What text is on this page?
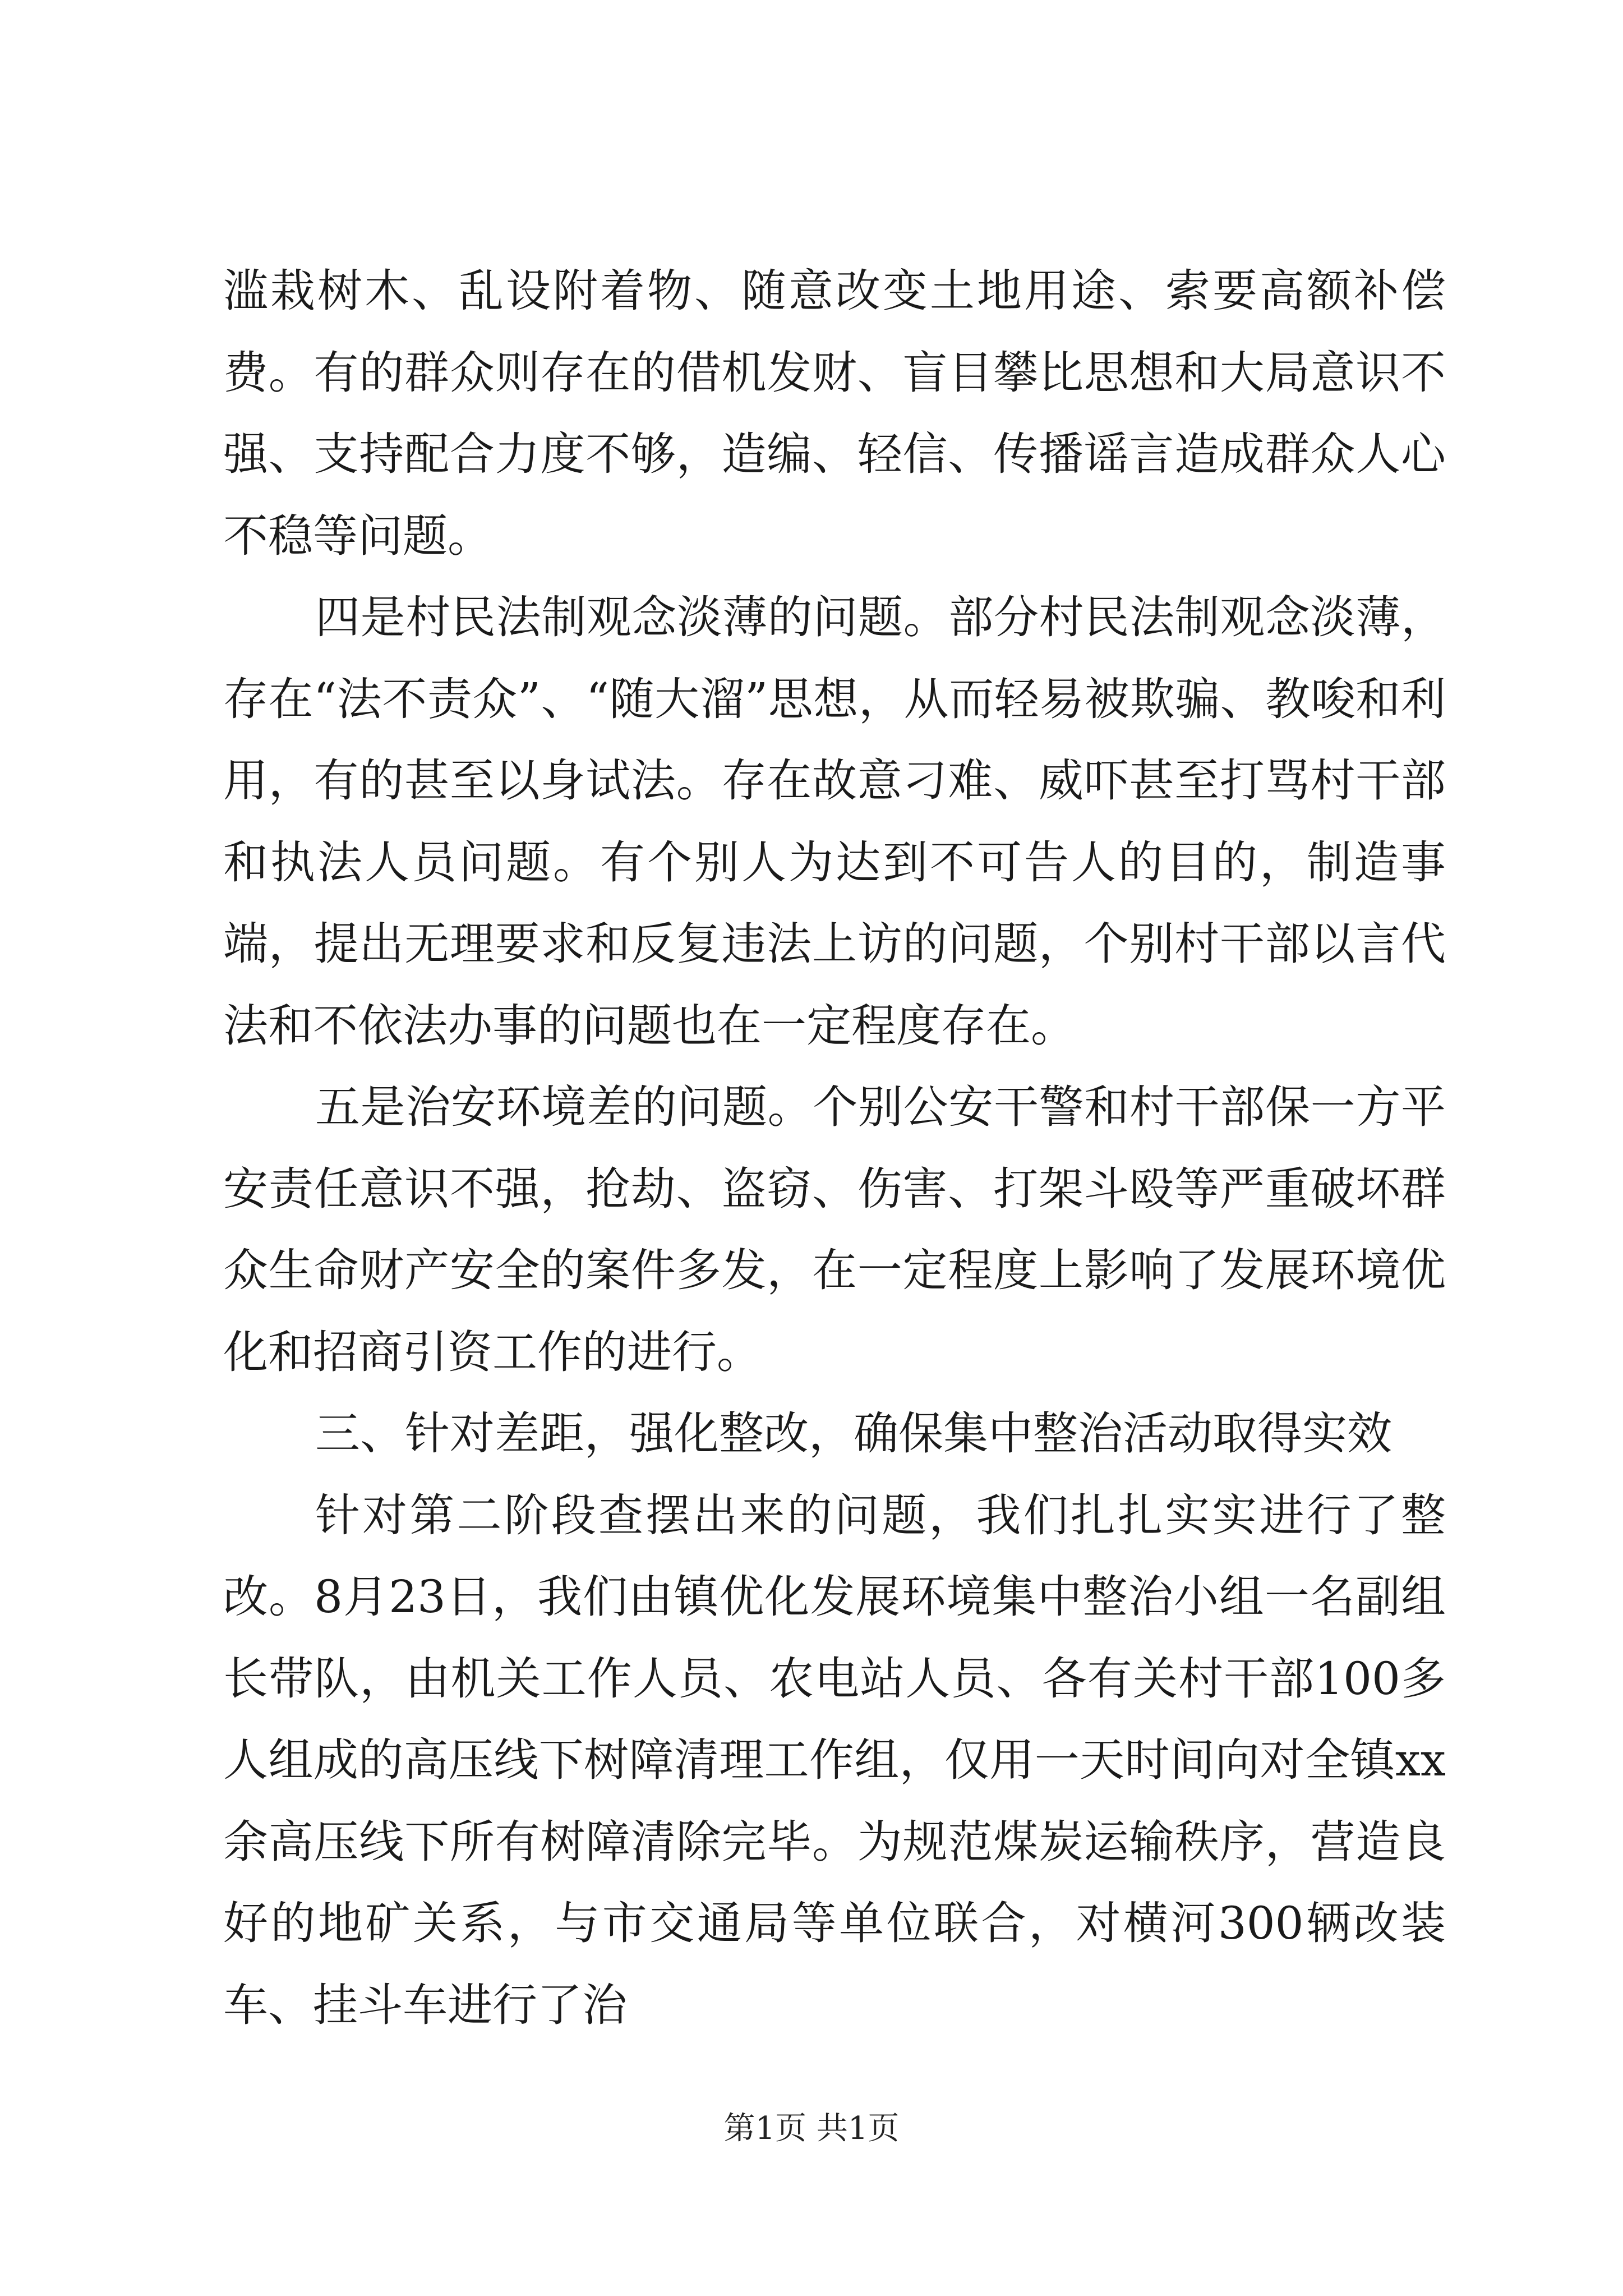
滥栽树木、乱设附着物、随意改变土地用途、索要高额补偿费。有的群众则存在的借机发财、盲目攀比思想和大局意识不强、支持配合力度不够，造编、轻信、传播谣言造成群众人心不稳等问题。

四是村民法制观念淡薄的问题。部分村民法制观念淡薄，存在“法不责众”、“随大溜”思想，从而轻易被欺骗、教唆和利用，有的甚至以身试法。存在故意刁难、威吓甚至打骂村干部和执法人员问题。有个别人为达到不可告人的目的，制造事端，提出无理要求和反复违法上访的问题，个别村干部以言代法和不依法办事的问题也在一定程度存在。

五是治安环境差的问题。个别公安干警和村干部保一方平安责任意识不强，抢劫、盗窃、伤害、打架斗殴等严重破坏群众生命财产安全的案件多发，在一定程度上影响了发展环境优化和招商引资工作的进行。

三、针对差距，强化整改，确保集中整治活动取得实效

针对第二阶段查摆出来的问题，我们扎扎实实进行了整改。8月23日，我们由镇优化发展环境集中整治小组一名副组长带队，由机关工作人员、农电站人员、各有关村干部100多人组成的高压线下树障清理工作组，仅用一天时间向对全镇xx余高压线下所有树障清除完毕。为规范煤炭运输秩序，营造良好的地矿关系，与市交通局等单位联合，对横河300辆改装车、挂斗车进行了治

第1页 共1页
